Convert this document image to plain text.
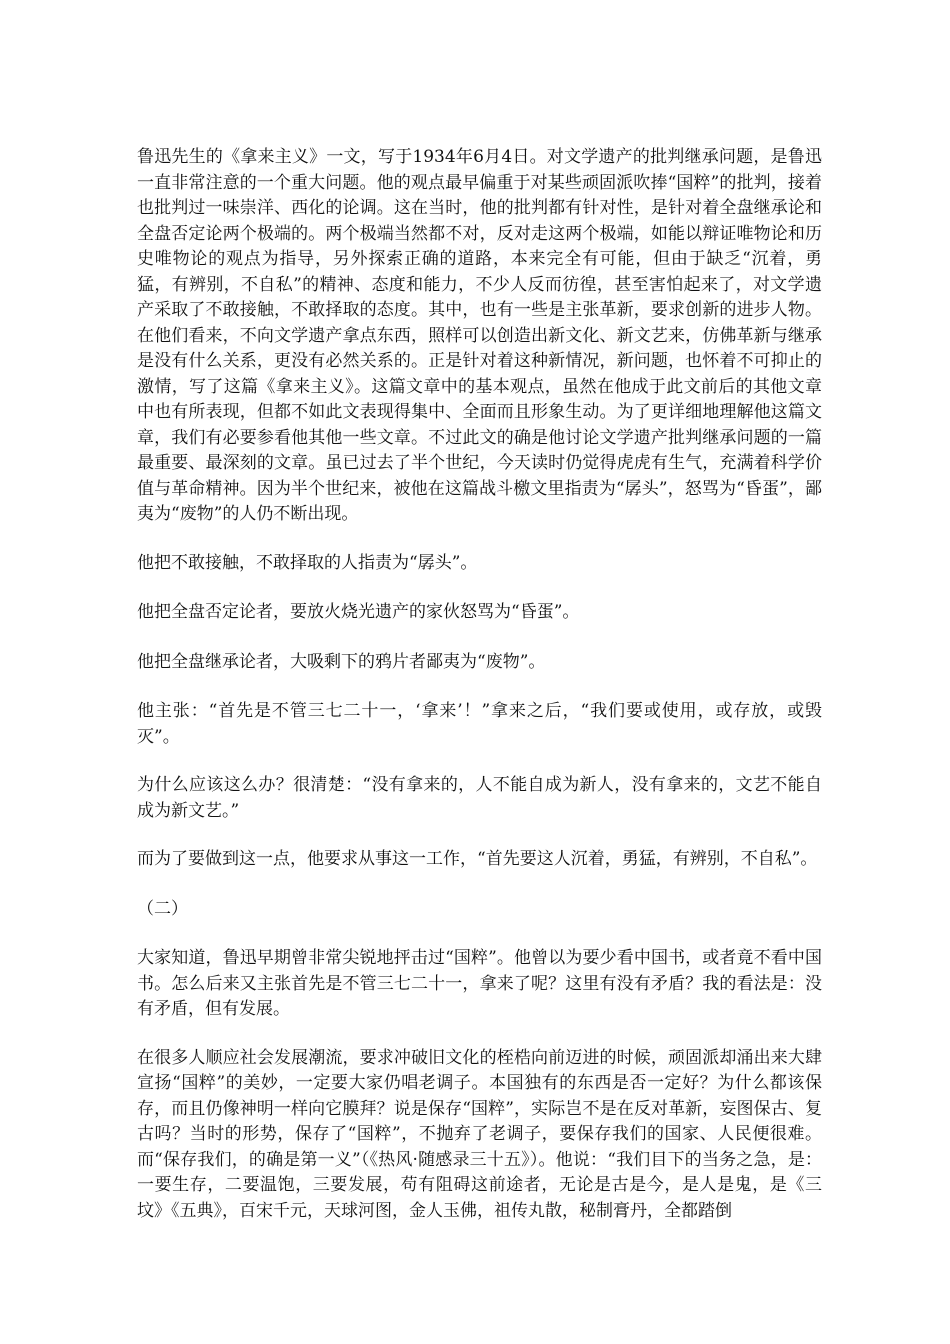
鲁迅先生的《拿来主义》一文，写于1934年6月4日。对文学遗产的批判继承问题，是鲁迅一直非常注意的一个重大问题。他的观点最早偏重于对某些顽固派吹捧“国粹”的批判，接着也批判过一味崇洋、西化的论调。这在当时，他的批判都有针对性，是针对着全盘继承论和全盘否定论两个极端的。两个极端当然都不对，反对走这两个极端，如能以辩证唯物论和历史唯物论的观点为指导，另外探索正确的道路，本来完全有可能，但由于缺乏“沉着，勇猛，有辨别，不自私”的精神、态度和能力，不少人反而彷徨，甚至害怕起来了，对文学遗产采取了不敢接触，不敢择取的态度。其中，也有一些是主张革新，要求创新的进步人物。在他们看来，不向文学遗产拿点东西，照样可以创造出新文化、新文艺来，仿佛革新与继承是没有什么关系，更没有必然关系的。正是针对着这种新情况，新问题，也怀着不可抑止的激情，写了这篇《拿来主义》。这篇文章中的基本观点，虽然在他成于此文前后的其他文章中也有所表现，但都不如此文表现得集中、全面而且形象生动。为了更详细地理解他这篇文章，我们有必要参看他其他一些文章。不过此文的确是他讨论文学遗产批判继承问题的一篇最重要、最深刻的文章。虽已过去了半个世纪，今天读时仍觉得虎虎有生气，充满着科学价值与革命精神。因为半个世纪来，被他在这篇战斗檄文里指责为“孱头”，怒骂为“昏蛋”，鄙夷为“废物”的人仍不断出现。

他把不敢接触，不敢择取的人指责为“孱头”。

他把全盘否定论者，要放火烧光遗产的家伙怒骂为“昏蛋”。

他把全盘继承论者，大吸剩下的鸦片者鄙夷为“废物”。

他主张：“首先是不管三七二十一，‘拿来’！”拿来之后，“我们要或使用，或存放，或毁灭”。

为什么应该这么办？很清楚：“没有拿来的，人不能自成为新人，没有拿来的，文艺不能自成为新文艺。”

而为了要做到这一点，他要求从事这一工作，“首先要这人沉着，勇猛，有辨别，不自私”。

（二）

大家知道，鲁迅早期曾非常尖锐地抨击过“国粹”。他曾以为要少看中国书，或者竟不看中国书。怎么后来又主张首先是不管三七二十一，拿来了呢？这里有没有矛盾？我的看法是：没有矛盾，但有发展。

在很多人顺应社会发展潮流，要求冲破旧文化的桎梏向前迈进的时候，顽固派却涌出来大肆宣扬“国粹”的美妙，一定要大家仍唱老调子。本国独有的东西是否一定好？为什么都该保存，而且仍像神明一样向它膜拜？说是保存“国粹”，实际岂不是在反对革新，妄图保古、复古吗？当时的形势，保存了“国粹”，不抛弃了老调子，要保存我们的国家、人民便很难。而“保存我们，的确是第一义”（《热风·随感录三十五》）。他说：“我们目下的当务之急，是：一要生存，二要温饱，三要发展，苟有阻碍这前途者，无论是古是今，是人是鬼，是《三坟》《五典》，百宋千元，天球河图，金人玉佛，祖传丸散，秘制膏丹，全都踏倒
